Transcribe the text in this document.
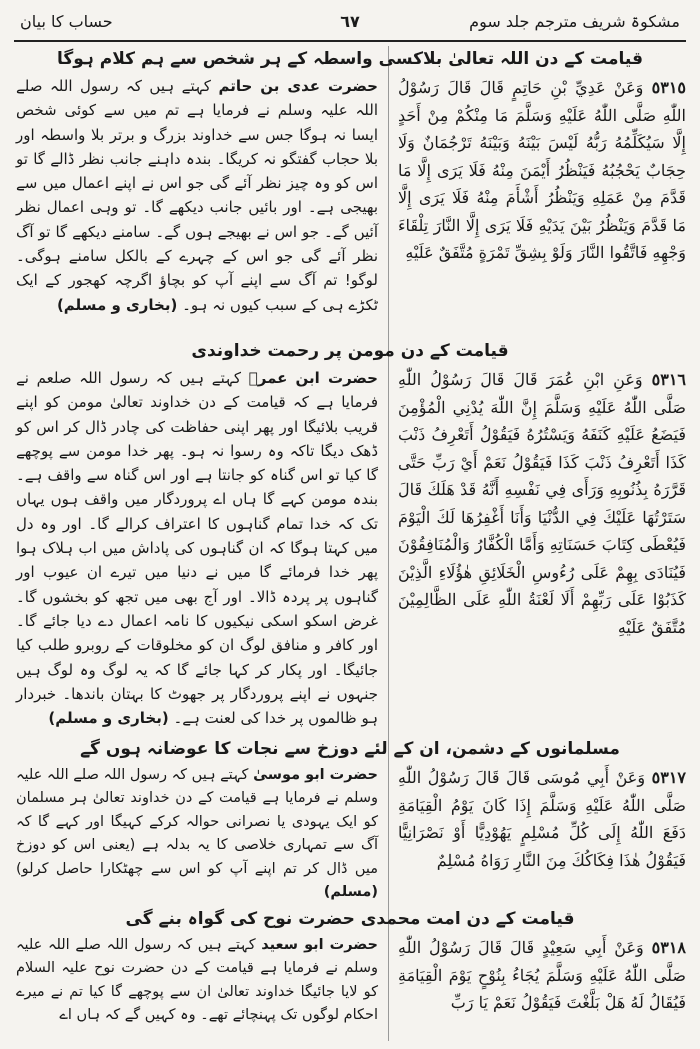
حساب کا بیان	٦٧	مشکوۃ شریف مترجم جلد سوم
قیامت کے دن اللہ تعالیٰ بلاکسی واسطہ کے ہر شخص سے ہم کلام ہوگا
٥٣١٥ وَعَنْ عَدِيِّ بْنِ حَاتِمٍ قَالَ قَالَ رَسُوْلُ اللّٰهِ صَلَّى اللّٰهُ عَلَيْهِ وَسَلَّمَ مَا مِنْكُمْ مِنْ أَحَدٍ إِلَّا سَيُكَلِّمُهُ رَبُّهُ لَيْسَ بَيْنَهُ وَبَيْنَهُ تَرْجُمَانٌ وَلَا حِجَابٌ يَحْجُبُهُ فَيَنْظُرُ أَيْمَنَ مِنْهُ فَلَا يَرَى إِلَّا مَا قَدَّمَ مِنْ عَمَلِهِ وَيَنْظُرُ أَشْأَمَ مِنْهُ فَلَا يَرَى إِلَّا مَا قَدَّمَ وَيَنْظُرُ بَيْنَ يَدَيْهِ فَلَا يَرَى إِلَّا النَّارَ تِلْقَاءَ وَجْهِهِ فَاتَّقُوا النَّارَ وَلَوْ بِشِقِّ تَمْرَةٍ مُتَّفَقٌ عَلَيْهِ
حضرت عدی بن حاتم کہتے ہیں کہ رسول اللہ صلے اللہ علیہ وسلم نے فرمایا ہے تم میں سے کوئی شخص ایسا نہ ہوگا جس سے خداوند بزرگ و برتر بلا واسطہ اور بلا حجاب گفتگو نہ کریگا۔ بندہ داہنے جانب نظر ڈالے گا تو اس کو وہ چیز نظر آئے گی جو اس نے اپنے اعمال میں سے بھیجی ہے۔ اور بائیں جانب دیکھے گا۔ تو وہی اعمال نظر آئیں گے۔ جو اس نے بھیجے ہوں گے۔ سامنے دیکھے گا تو آگ نظر آئے گی جو اس کے چہرے کے بالکل سامنے ہوگی۔ لوگو! تم آگ سے اپنے آپ کو بچاؤ اگرچہ کھجور کے ایک ٹکڑے ہی کے سبب کیوں نہ ہو۔ (بخاری و مسلم)
قیامت کے دن مومن پر رحمت خداوندی
٥٣١٦ وَعَنِ ابْنِ عُمَرَ قَالَ قَالَ رَسُوْلُ اللّٰهِ صَلَّى اللّٰهُ عَلَيْهِ وَسَلَّمَ إِنَّ اللّٰهَ يُدْنِي الْمُؤْمِنَ فَيَضَعُ عَلَيْهِ كَنَفَهُ وَيَسْتُرُهُ فَيَقُوْلُ أَتَعْرِفُ ذَنْبَ كَذَا أَتَعْرِفُ ذَنْبَ كَذَا فَيَقُوْلُ نَعَمْ أَيْ رَبِّ حَتَّى قَرَّرَهُ بِذُنُوبِهِ وَرَأَى فِي نَفْسِهِ أَنَّهُ قَدْ هَلَكَ قَالَ سَتَرْتُهَا عَلَيْكَ فِي الدُّنْيَا وَأَنَا أَغْفِرُهَا لَكَ الْيَوْمَ فَيُعْطَى كِتَابَ حَسَنَاتِهِ وَأَمَّا الْكُفَّارُ وَالْمُنَافِقُوْنَ فَيُنَادَى بِهِمْ عَلَى رُءُوسِ الْخَلَائِقِ هٰؤُلَاءِ الَّذِيْنَ كَذَبُوْا عَلَى رَبِّهِمْ أَلَا لَعْنَةُ اللّٰهِ عَلَى الظَّالِمِيْنَ مُتَّفَقٌ عَلَيْهِ
حضرت ابن عمرؓ کہتے ہیں کہ رسول اللہ صلعم نے فرمایا ہے کہ قیامت کے دن خداوند تعالیٰ مومن کو اپنے قریب بلائیگا اور پھر اپنی حفاظت کی چادر ڈال کر اس کو ڈھک دیگا تاکہ وہ رسوا نہ ہو۔ پھر خدا مومن سے پوچھے گا کیا تو اس گناہ کو جانتا ہے اور اس گناہ سے واقف ہے۔ بندہ مومن کہے گا ہاں اے پروردگار میں واقف ہوں یہاں تک کہ خدا تمام گناہوں کا اعتراف کرالے گا۔ اور وہ دل میں کہتا ہوگا کہ ان گناہوں کی پاداش میں اب ہلاک ہوا پھر خدا فرمائے گا میں نے دنیا میں تیرے ان عیوب اور گناہوں پر پردہ ڈالا۔ اور آج بھی میں تجھ کو بخشوں گا۔ غرض اسکو اسکی نیکیوں کا نامہ اعمال دے دیا جائے گا۔ اور کافر و منافق لوگ ان کو مخلوقات کے روبرو طلب کیا جائیگا۔ اور پکار کر کہا جائے گا کہ یہ لوگ وہ لوگ ہیں جنہوں نے اپنے پروردگار پر جھوٹ کا بہتان باندھا۔ خبردار ہو ظالموں پر خدا کی لعنت ہے۔ (بخاری و مسلم)
مسلمانوں کے دشمن، ان کے لئے دوزخ سے نجات کا عوضانہ ہوں گے
٥٣١٧ وَعَنْ أَبِي مُوسَى قَالَ قَالَ رَسُوْلُ اللّٰهِ صَلَّى اللّٰهُ عَلَيْهِ وَسَلَّمَ إِذَا كَانَ يَوْمُ الْقِيَامَةِ دَفَعَ اللّٰهُ إِلَى كُلِّ مُسْلِمٍ يَهُوْدِيًّا أَوْ نَصْرَانِيًّا فَيَقُوْلُ هٰذَا فِكَاكُكَ مِنَ النَّارِ رَوَاهُ مُسْلِمٌ
حضرت ابو موسیٰ کہتے ہیں کہ رسول اللہ صلے اللہ علیہ وسلم نے فرمایا ہے قیامت کے دن خداوند تعالیٰ ہر مسلمان کو ایک یہودی یا نصرانی حوالہ کرکے کہیگا اور کہے گا کہ آگ سے تمہاری خلاصی کا یہ بدلہ ہے (یعنی اس کو دوزخ میں ڈال کر تم اپنے آپ کو اس سے چھٹکارا حاصل کرلو) (مسلم)
قیامت کے دن امت محمدی حضرت نوح کی گواہ بنے گی
٥٣١٨ وَعَنْ أَبِي سَعِيْدٍ قَالَ قَالَ رَسُوْلُ اللّٰهِ صَلَّى اللّٰهُ عَلَيْهِ وَسَلَّمَ يُجَاءُ بِنُوْحٍ يَوْمَ الْقِيَامَةِ فَيُقَالُ لَهُ هَلْ بَلَّغْتَ فَيَقُوْلُ نَعَمْ يَا رَبِّ
حضرت ابو سعید کہتے ہیں کہ رسول اللہ صلے اللہ علیہ وسلم نے فرمایا ہے قیامت کے دن حضرت نوح علیہ السلام کو لایا جائیگا خداوند تعالیٰ ان سے پوچھے گا کیا تم نے میرے احکام لوگوں تک پہنچائے تھے۔ وہ کہیں گے کہ ہاں اے
